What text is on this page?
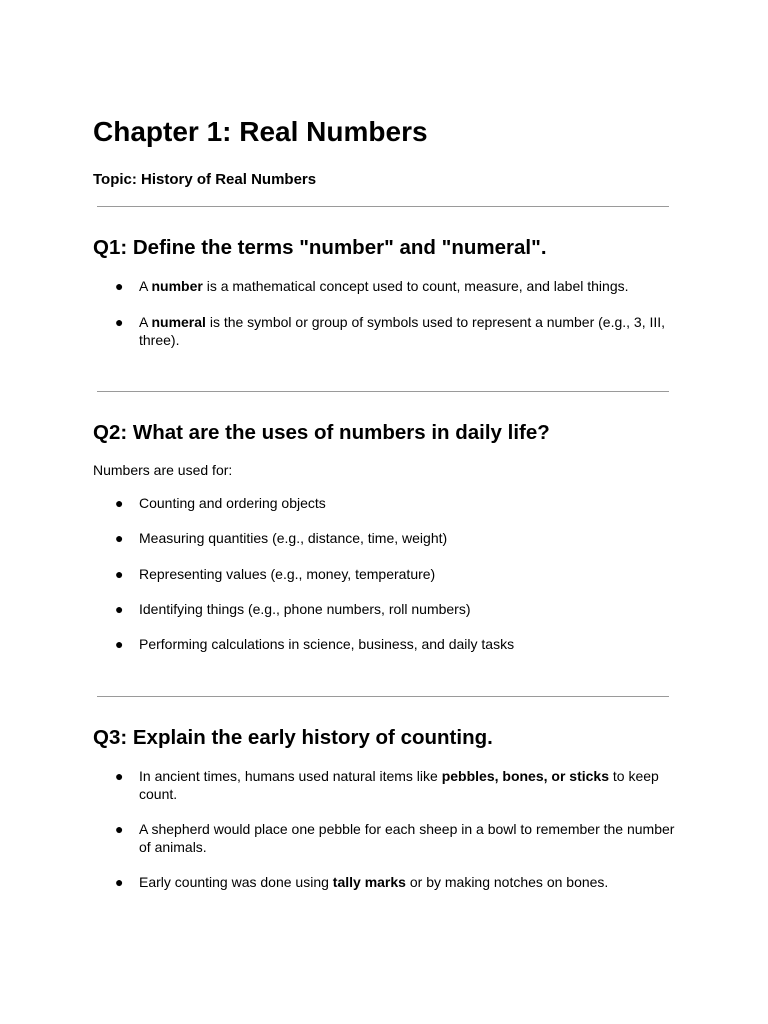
Chapter 1: Real Numbers
Topic: History of Real Numbers
Q1: Define the terms "number" and "numeral".
●	A number is a mathematical concept used to count, measure, and label things.
●	A numeral is the symbol or group of symbols used to represent a number (e.g., 3, III, three).
Q2: What are the uses of numbers in daily life?
Numbers are used for:
●	Counting and ordering objects
●	Measuring quantities (e.g., distance, time, weight)
●	Representing values (e.g., money, temperature)
●	Identifying things (e.g., phone numbers, roll numbers)
●	Performing calculations in science, business, and daily tasks
Q3: Explain the early history of counting.
●	In ancient times, humans used natural items like pebbles, bones, or sticks to keep count.
●	A shepherd would place one pebble for each sheep in a bowl to remember the number of animals.
●	Early counting was done using tally marks or by making notches on bones.
